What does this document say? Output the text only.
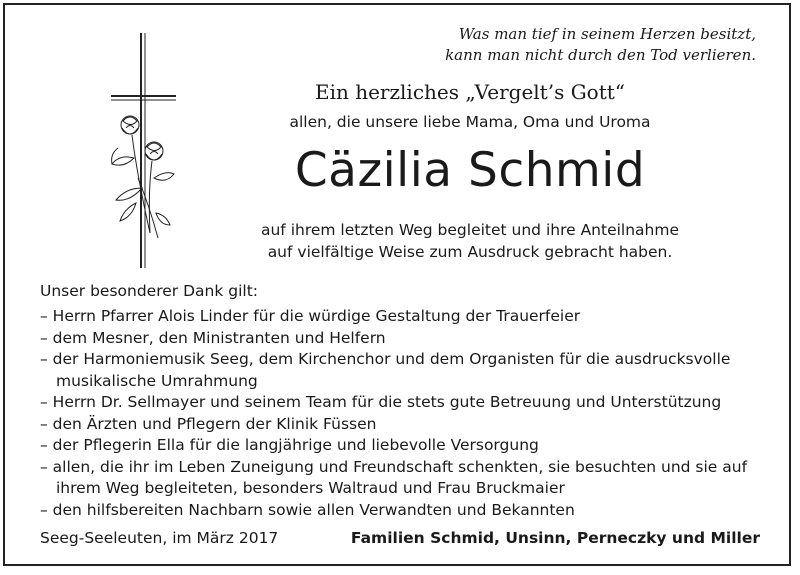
Was man tief in seinem Herzen besitzt,
kann man nicht durch den Tod verlieren.
Ein herzliches „Vergelt’s Gott“
allen, die unsere liebe Mama, Oma und Uroma
Cäzilia Schmid
auf ihrem letzten Weg begleitet und ihre Anteilnahme
auf vielfältige Weise zum Ausdruck gebracht haben.
Unser besonderer Dank gilt:
– Herrn Pfarrer Alois Linder für die würdige Gestaltung der Trauerfeier
– dem Mesner, den Ministranten und Helfern
– der Harmoniemusik Seeg, dem Kirchenchor und dem Organisten für die ausdrucksvolle musikalische Umrahmung
– Herrn Dr. Sellmayer und seinem Team für die stets gute Betreuung und Unterstützung
– den Ärzten und Pflegern der Klinik Füssen
– der Pflegerin Ella für die langjährige und liebevolle Versorgung
– allen, die ihr im Leben Zuneigung und Freundschaft schenkten, sie besuchten und sie auf ihrem Weg begleiteten, besonders Waltraud und Frau Bruckmaier
– den hilfsbereiten Nachbarn sowie allen Verwandten und Bekannten
Seeg-Seeleuten, im März 2017	Familien Schmid, Unsinn, Perneczky und Miller
